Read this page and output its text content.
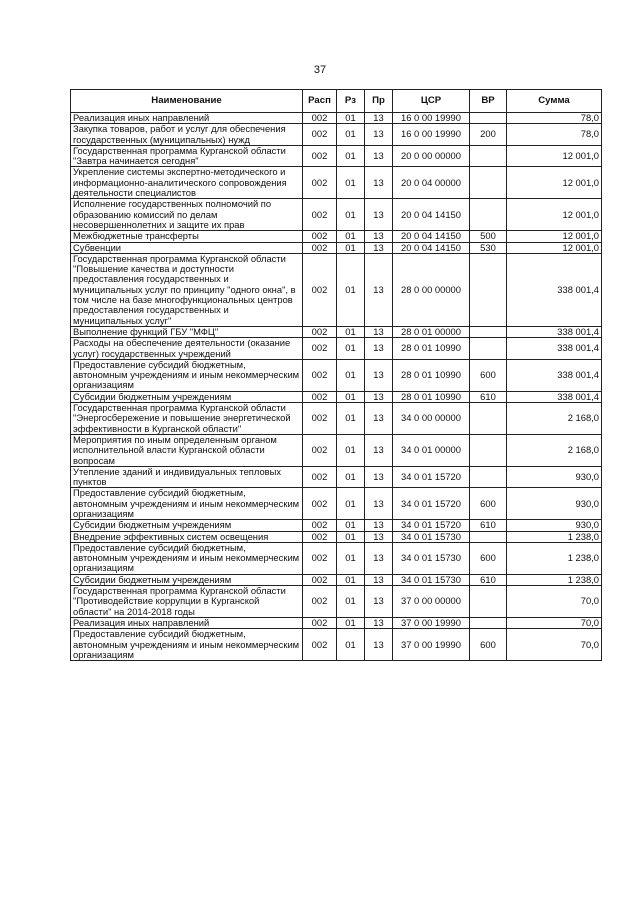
37
Наименование	Расп	Рз	Пр	ЦСР	ВР	Сумма
Реализация иных направлений	002	01	13	16 0 00 19990		78,0
Закупка товаров, работ и услуг для обеспечения государственных (муниципальных) нужд	002	01	13	16 0 00 19990	200	78,0
Государственная программа Курганской области "Завтра начинается сегодня"	002	01	13	20 0 00 00000		12 001,0
Укрепление системы экспертно-методического и информационно-аналитического сопровождения деятельности специалистов	002	01	13	20 0 04 00000		12 001,0
Исполнение государственных полномочий по образованию комиссий по делам несовершеннолетних и защите их прав	002	01	13	20 0 04 14150		12 001,0
Межбюджетные трансферты	002	01	13	20 0 04 14150	500	12 001,0
Субвенции	002	01	13	20 0 04 14150	530	12 001,0
Государственная программа Курганской области "Повышение качества и доступности предоставления государственных и муниципальных услуг по принципу "одного окна", в том числе на базе многофункциональных центров предоставления государственных и муниципальных услуг"	002	01	13	28 0 00 00000		338 001,4
Выполнение функций ГБУ "МФЦ"	002	01	13	28 0 01 00000		338 001,4
Расходы на обеспечение деятельности (оказание услуг) государственных учреждений	002	01	13	28 0 01 10990		338 001,4
Предоставление субсидий бюджетным, автономным учреждениям и иным некоммерческим организациям	002	01	13	28 0 01 10990	600	338 001,4
Субсидии бюджетным учреждениям	002	01	13	28 0 01 10990	610	338 001,4
Государственная программа Курганской области "Энергосбережение и повышение энергетической эффективности в Курганской области"	002	01	13	34 0 00 00000		2 168,0
Мероприятия по иным определенным органом исполнительной власти Курганской области вопросам	002	01	13	34 0 01 00000		2 168,0
Утепление зданий и индивидуальных тепловых пунктов	002	01	13	34 0 01 15720		930,0
Предоставление субсидий бюджетным, автономным учреждениям и иным некоммерческим организациям	002	01	13	34 0 01 15720	600	930,0
Субсидии бюджетным учреждениям	002	01	13	34 0 01 15720	610	930,0
Внедрение эффективных систем освещения	002	01	13	34 0 01 15730		1 238,0
Предоставление субсидий бюджетным, автономным учреждениям и иным некоммерческим организациям	002	01	13	34 0 01 15730	600	1 238,0
Субсидии бюджетным учреждениям	002	01	13	34 0 01 15730	610	1 238,0
Государственная программа Курганской области "Противодействие коррупции в Курганской области" на 2014-2018 годы	002	01	13	37 0 00 00000		70,0
Реализация иных направлений	002	01	13	37 0 00 19990		70,0
Предоставление субсидий бюджетным, автономным учреждениям и иным некоммерческим организациям	002	01	13	37 0 00 19990	600	70,0
